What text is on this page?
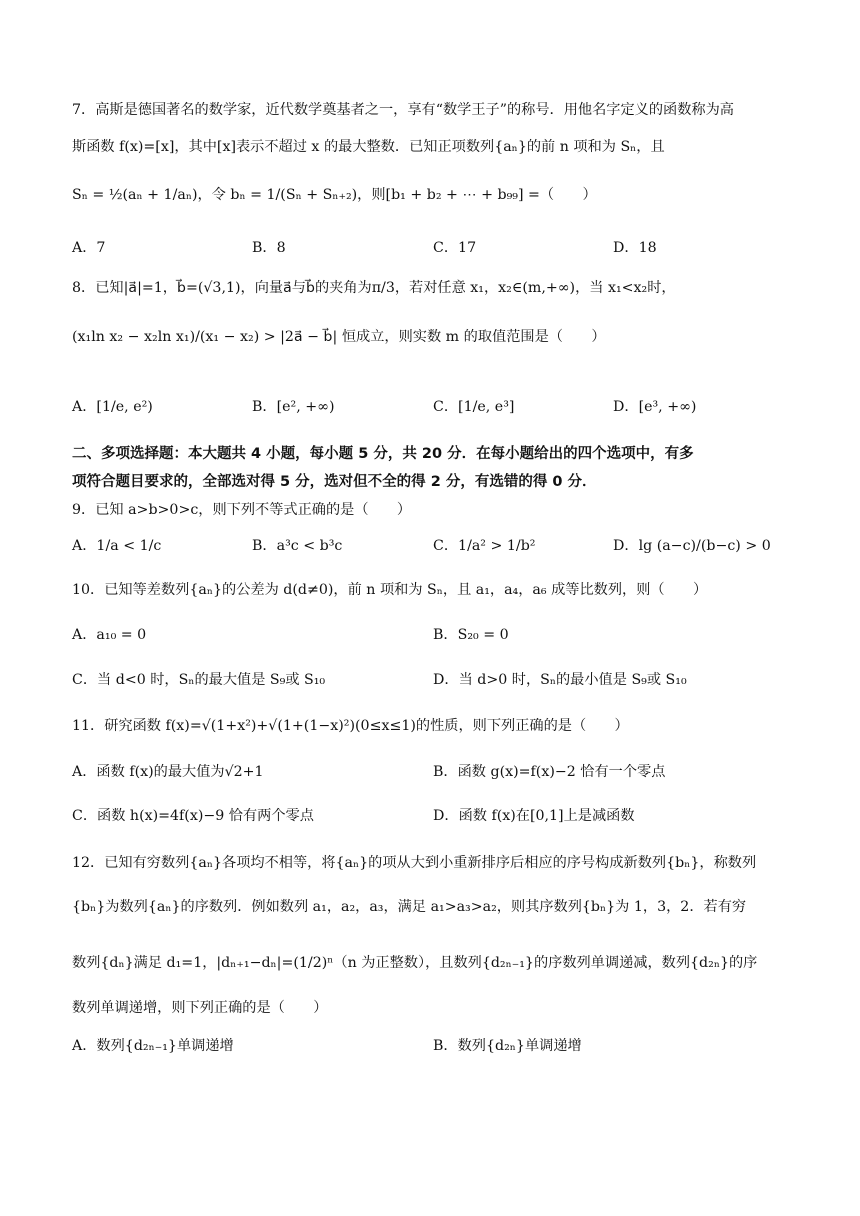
7．高斯是德国著名的数学家，近代数学奠基者之一，享有“数学王子”的称号．用他名字定义的函数称为高
斯函数 f(x)=[x]，其中[x]表示不超过 x 的最大整数．已知正项数列{aₙ}的前 n 项和为 Sₙ，且
Sₙ = ½(aₙ + 1/aₙ)，令 bₙ = 1/(Sₙ + Sₙ₊₂)，则[b₁ + b₂ + ⋯ + b₉₉] =（　　）
A．7	B．8	C．17	D．18
8．已知|a⃗|=1，b⃗=(√3,1)，向量a⃗与b⃗的夹角为π/3，若对任意 x₁，x₂∈(m,+∞)，当 x₁<x₂时，
(x₁ln x₂ − x₂ln x₁)/(x₁ − x₂) > |2a⃗ − b⃗| 恒成立，则实数 m 的取值范围是（　　）
A．[1/e, e²)	B．[e², +∞)	C．[1/e, e³]	D．[e³, +∞)
二、多项选择题：本大题共 4 小题，每小题 5 分，共 20 分．在每小题给出的四个选项中，有多
项符合题目要求的，全部选对得 5 分，选对但不全的得 2 分，有选错的得 0 分．
9．已知 a>b>0>c，则下列不等式正确的是（　　）
A．1/a < 1/c	B．a³c < b³c	C．1/a² > 1/b²	D．lg (a−c)/(b−c) > 0
10．已知等差数列{aₙ}的公差为 d(d≠0)，前 n 项和为 Sₙ，且 a₁，a₄，a₆ 成等比数列，则（　　）
A．a₁₀ = 0	B．S₂₀ = 0
C．当 d<0 时，Sₙ的最大值是 S₉或 S₁₀	D．当 d>0 时，Sₙ的最小值是 S₉或 S₁₀
11．研究函数 f(x)=√(1+x²)+√(1+(1−x)²)(0≤x≤1)的性质，则下列正确的是（　　）
A．函数 f(x)的最大值为√2+1	B．函数 g(x)=f(x)−2 恰有一个零点
C．函数 h(x)=4f(x)−9 恰有两个零点	D．函数 f(x)在[0,1]上是减函数
12．已知有穷数列{aₙ}各项均不相等，将{aₙ}的项从大到小重新排序后相应的序号构成新数列{bₙ}，称数列
{bₙ}为数列{aₙ}的序数列．例如数列 a₁，a₂，a₃，满足 a₁>a₃>a₂，则其序数列{bₙ}为 1，3，2．若有穷
数列{dₙ}满足 d₁=1，|dₙ₊₁−dₙ|=(1/2)ⁿ（n 为正整数），且数列{d₂ₙ₋₁}的序数列单调递减，数列{d₂ₙ}的序
数列单调递增，则下列正确的是（　　）
A．数列{d₂ₙ₋₁}单调递增	B．数列{d₂ₙ}单调递增
